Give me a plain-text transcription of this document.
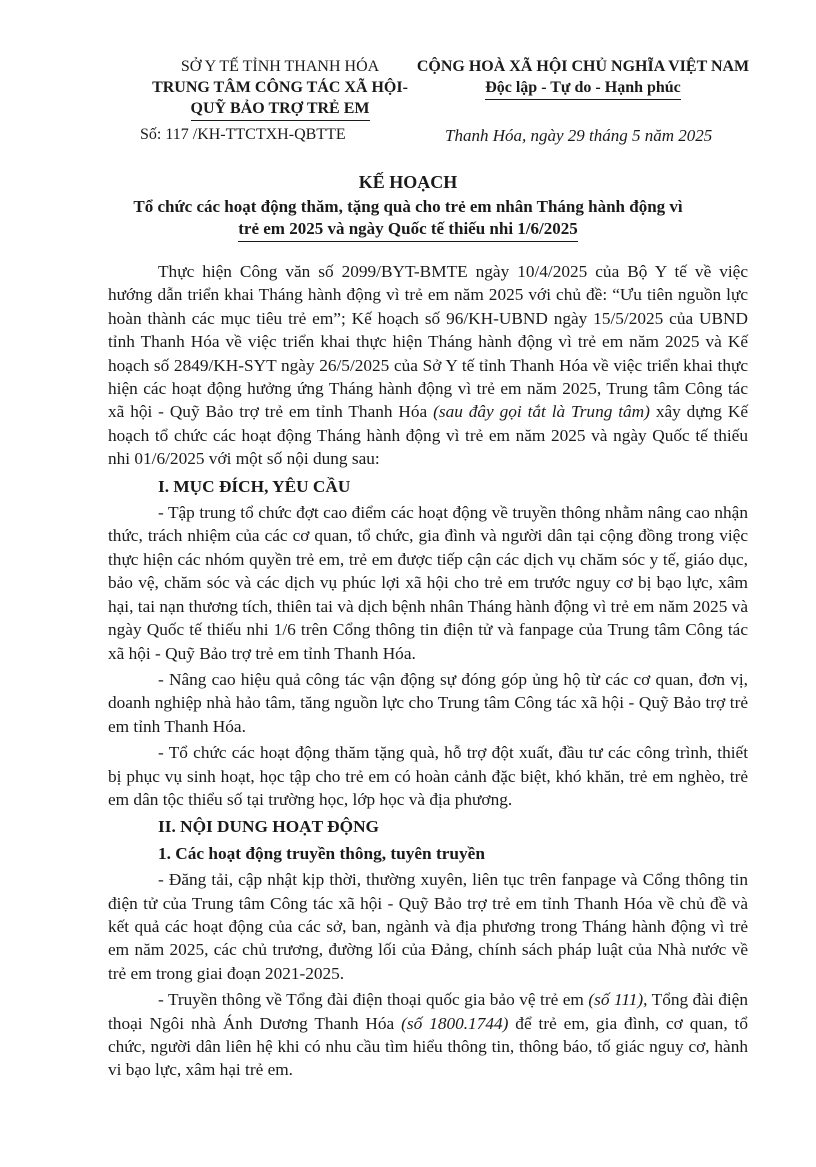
SỞ Y TẾ TỈNH THANH HÓA
TRUNG TÂM CÔNG TÁC XÃ HỘI-
QUỸ BẢO TRỢ TRẺ EM
CỘNG HOÀ XÃ HỘI CHỦ NGHĨA VIỆT NAM
Độc lập - Tự do - Hạnh phúc
Số: 117 /KH-TTCTXH-QBTTE	Thanh Hóa, ngày 29 tháng 5 năm 2025
KẾ HOẠCH
Tổ chức các hoạt động thăm, tặng quà cho trẻ em nhân Tháng hành động vì
trẻ em 2025 và ngày Quốc tế thiếu nhi 1/6/2025

Thực hiện Công văn số 2099/BYT-BMTE ngày 10/4/2025 của Bộ Y tế về việc hướng dẫn triển khai Tháng hành động vì trẻ em năm 2025 với chủ đề: “Ưu tiên nguồn lực hoàn thành các mục tiêu trẻ em”; Kế hoạch số 96/KH-UBND ngày 15/5/2025 của UBND tỉnh Thanh Hóa về việc triển khai thực hiện Tháng hành động vì trẻ em năm 2025 và Kế hoạch số 2849/KH-SYT ngày 26/5/2025 của Sở Y tế tỉnh Thanh Hóa về việc triển khai thực hiện các hoạt động hưởng ứng Tháng hành động vì trẻ em năm 2025, Trung tâm Công tác xã hội - Quỹ Bảo trợ trẻ em tỉnh Thanh Hóa (sau đây gọi tắt là Trung tâm) xây dựng Kế hoạch tổ chức các hoạt động Tháng hành động vì trẻ em năm 2025 và ngày Quốc tế thiếu nhi 01/6/2025 với một số nội dung sau:

I. MỤC ĐÍCH, YÊU CẦU

- Tập trung tổ chức đợt cao điểm các hoạt động về truyền thông nhằm nâng cao nhận thức, trách nhiệm của các cơ quan, tổ chức, gia đình và người dân tại cộng đồng trong việc thực hiện các nhóm quyền trẻ em, trẻ em được tiếp cận các dịch vụ chăm sóc y tế, giáo dục, bảo vệ, chăm sóc và các dịch vụ phúc lợi xã hội cho trẻ em trước nguy cơ bị bạo lực, xâm hại, tai nạn thương tích, thiên tai và dịch bệnh nhân Tháng hành động vì trẻ em năm 2025 và ngày Quốc tế thiếu nhi 1/6 trên Cổng thông tin điện tử và fanpage của Trung tâm Công tác xã hội - Quỹ Bảo trợ trẻ em tỉnh Thanh Hóa.

- Nâng cao hiệu quả công tác vận động sự đóng góp ủng hộ từ các cơ quan, đơn vị, doanh nghiệp nhà hảo tâm, tăng nguồn lực cho Trung tâm Công tác xã hội - Quỹ Bảo trợ trẻ em tỉnh Thanh Hóa.

- Tổ chức các hoạt động thăm tặng quà, hỗ trợ đột xuất, đầu tư các công trình, thiết bị phục vụ sinh hoạt, học tập cho trẻ em có hoàn cảnh đặc biệt, khó khăn, trẻ em nghèo, trẻ em dân tộc thiểu số tại trường học, lớp học và địa phương.

II. NỘI DUNG HOẠT ĐỘNG
1. Các hoạt động truyền thông, tuyên truyền

- Đăng tải, cập nhật kịp thời, thường xuyên, liên tục trên fanpage và Cổng thông tin điện tử của Trung tâm Công tác xã hội - Quỹ Bảo trợ trẻ em tỉnh Thanh Hóa về chủ đề và kết quả các hoạt động của các sở, ban, ngành và địa phương trong Tháng hành động vì trẻ em năm 2025, các chủ trương, đường lối của Đảng, chính sách pháp luật của Nhà nước về trẻ em trong giai đoạn 2021-2025.

- Truyền thông về Tổng đài điện thoại quốc gia bảo vệ trẻ em (số 111), Tổng đài điện thoại Ngôi nhà Ánh Dương Thanh Hóa (số 1800.1744) để trẻ em, gia đình, cơ quan, tổ chức, người dân liên hệ khi có nhu cầu tìm hiểu thông tin, thông báo, tố giác nguy cơ, hành vi bạo lực, xâm hại trẻ em.
